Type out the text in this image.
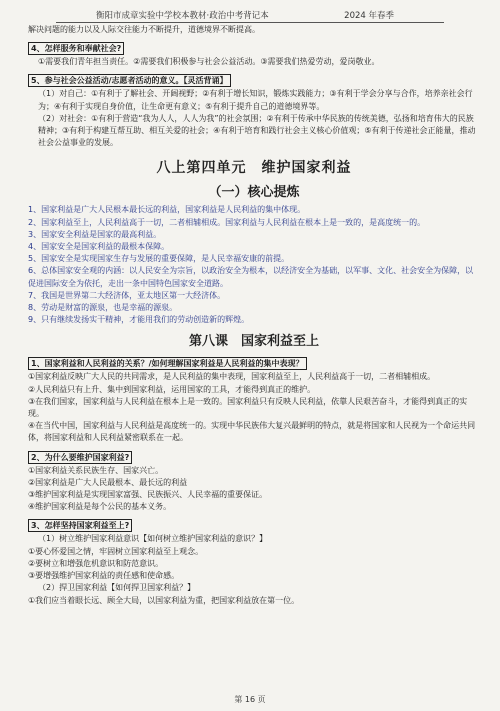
衡阳市成章实验中学校本教材·政治中考背记本	2024 年春季

解决问题的能力以及人际交往能力不断提升，道德境界不断提高。

4、怎样服务和奉献社会?

①需要我们青年担当责任。②需要我们积极参与社会公益活动。③需要我们热爱劳动，爱岗敬业。

5、参与社会公益活动/志愿者活动的意义。【灵活背诵】

（1）对自己：①有利于了解社会、开阔视野；②有利于增长知识，锻炼实践能力；③有利于学会分享与合作，培养亲社会行为；④有利于实现自身价值，让生命更有意义；⑤有利于提升自己的道德境界等。

（2）对社会：①有利于营造“我为人人，人人为我”的社会氛围；②有利于传承中华民族的传统美德，弘扬和培育伟大的民族精神；③有利于构建互帮互助、相互关爱的社会；④有利于培育和践行社会主义核心价值观；⑤有利于传递社会正能量，推动社会公益事业的发展。

八上第四单元　维护国家利益
（一）核心提炼

1、国家利益是广大人民根本最长远的利益，国家利益是人民利益的集中体现。

2、国家利益至上，人民利益高于一切，二者相辅相成。国家利益与人民利益在根本上是一致的，是高度统一的。

3、国家安全利益是国家的最高利益。

4、国家安全是国家利益的最根本保障。

5、国家安全是实现国家生存与发展的重要保障，是人民幸福安康的前提。

6、总体国家安全观的内涵：以人民安全为宗旨，以政治安全为根本，以经济安全为基础，以军事、文化、社会安全为保障，以促进国际安全为依托，走出一条中国特色国家安全道路。

7、我国是世界第二大经济体，亚太地区第一大经济体。

8、劳动是财富的源泉，也是幸福的源泉。

9、只有继续发扬实干精神，才能用我们的劳动创造新的辉煌。

第八课　国家利益至上
1、国家利益和人民利益的关系？/如何理解国家利益是人民利益的集中表现？

①国家利益反映广大人民的共同需求，是人民利益的集中表现，国家利益至上，人民利益高于一切，二者相辅相成。

②人民利益只有上升、集中到国家利益，运用国家的工具，才能得到真正的维护。

③在我们国家，国家利益与人民利益在根本上是一致的。国家利益只有反映人民利益，依靠人民艰苦奋斗，才能得到真正的实现。

④在当代中国，国家利益与人民利益是高度统一的。实现中华民族伟大复兴最鲜明的特点，就是将国家和人民视为一个命运共同体，将国家利益和人民利益紧密联系在一起。

2、为什么要维护国家利益?

①国家利益关系民族生存、国家兴亡。

②国家利益是广大人民最根本、最长远的利益

③维护国家利益是实现国家富强、民族振兴、人民幸福的重要保证。

④维护国家利益是每个公民的基本义务。

3、怎样坚持国家利益至上?

（1）树立维护国家利益意识【如何树立维护国家利益的意识？】

①要心怀爱国之情，牢固树立国家利益至上观念。

②要树立和增强危机意识和防范意识。

③要增强维护国家利益的责任感和使命感。

（2）捍卫国家利益【如何捍卫国家利益？】

①我们应当着眼长远、顾全大局，以国家利益为重，把国家利益放在第一位。

第 16 页
